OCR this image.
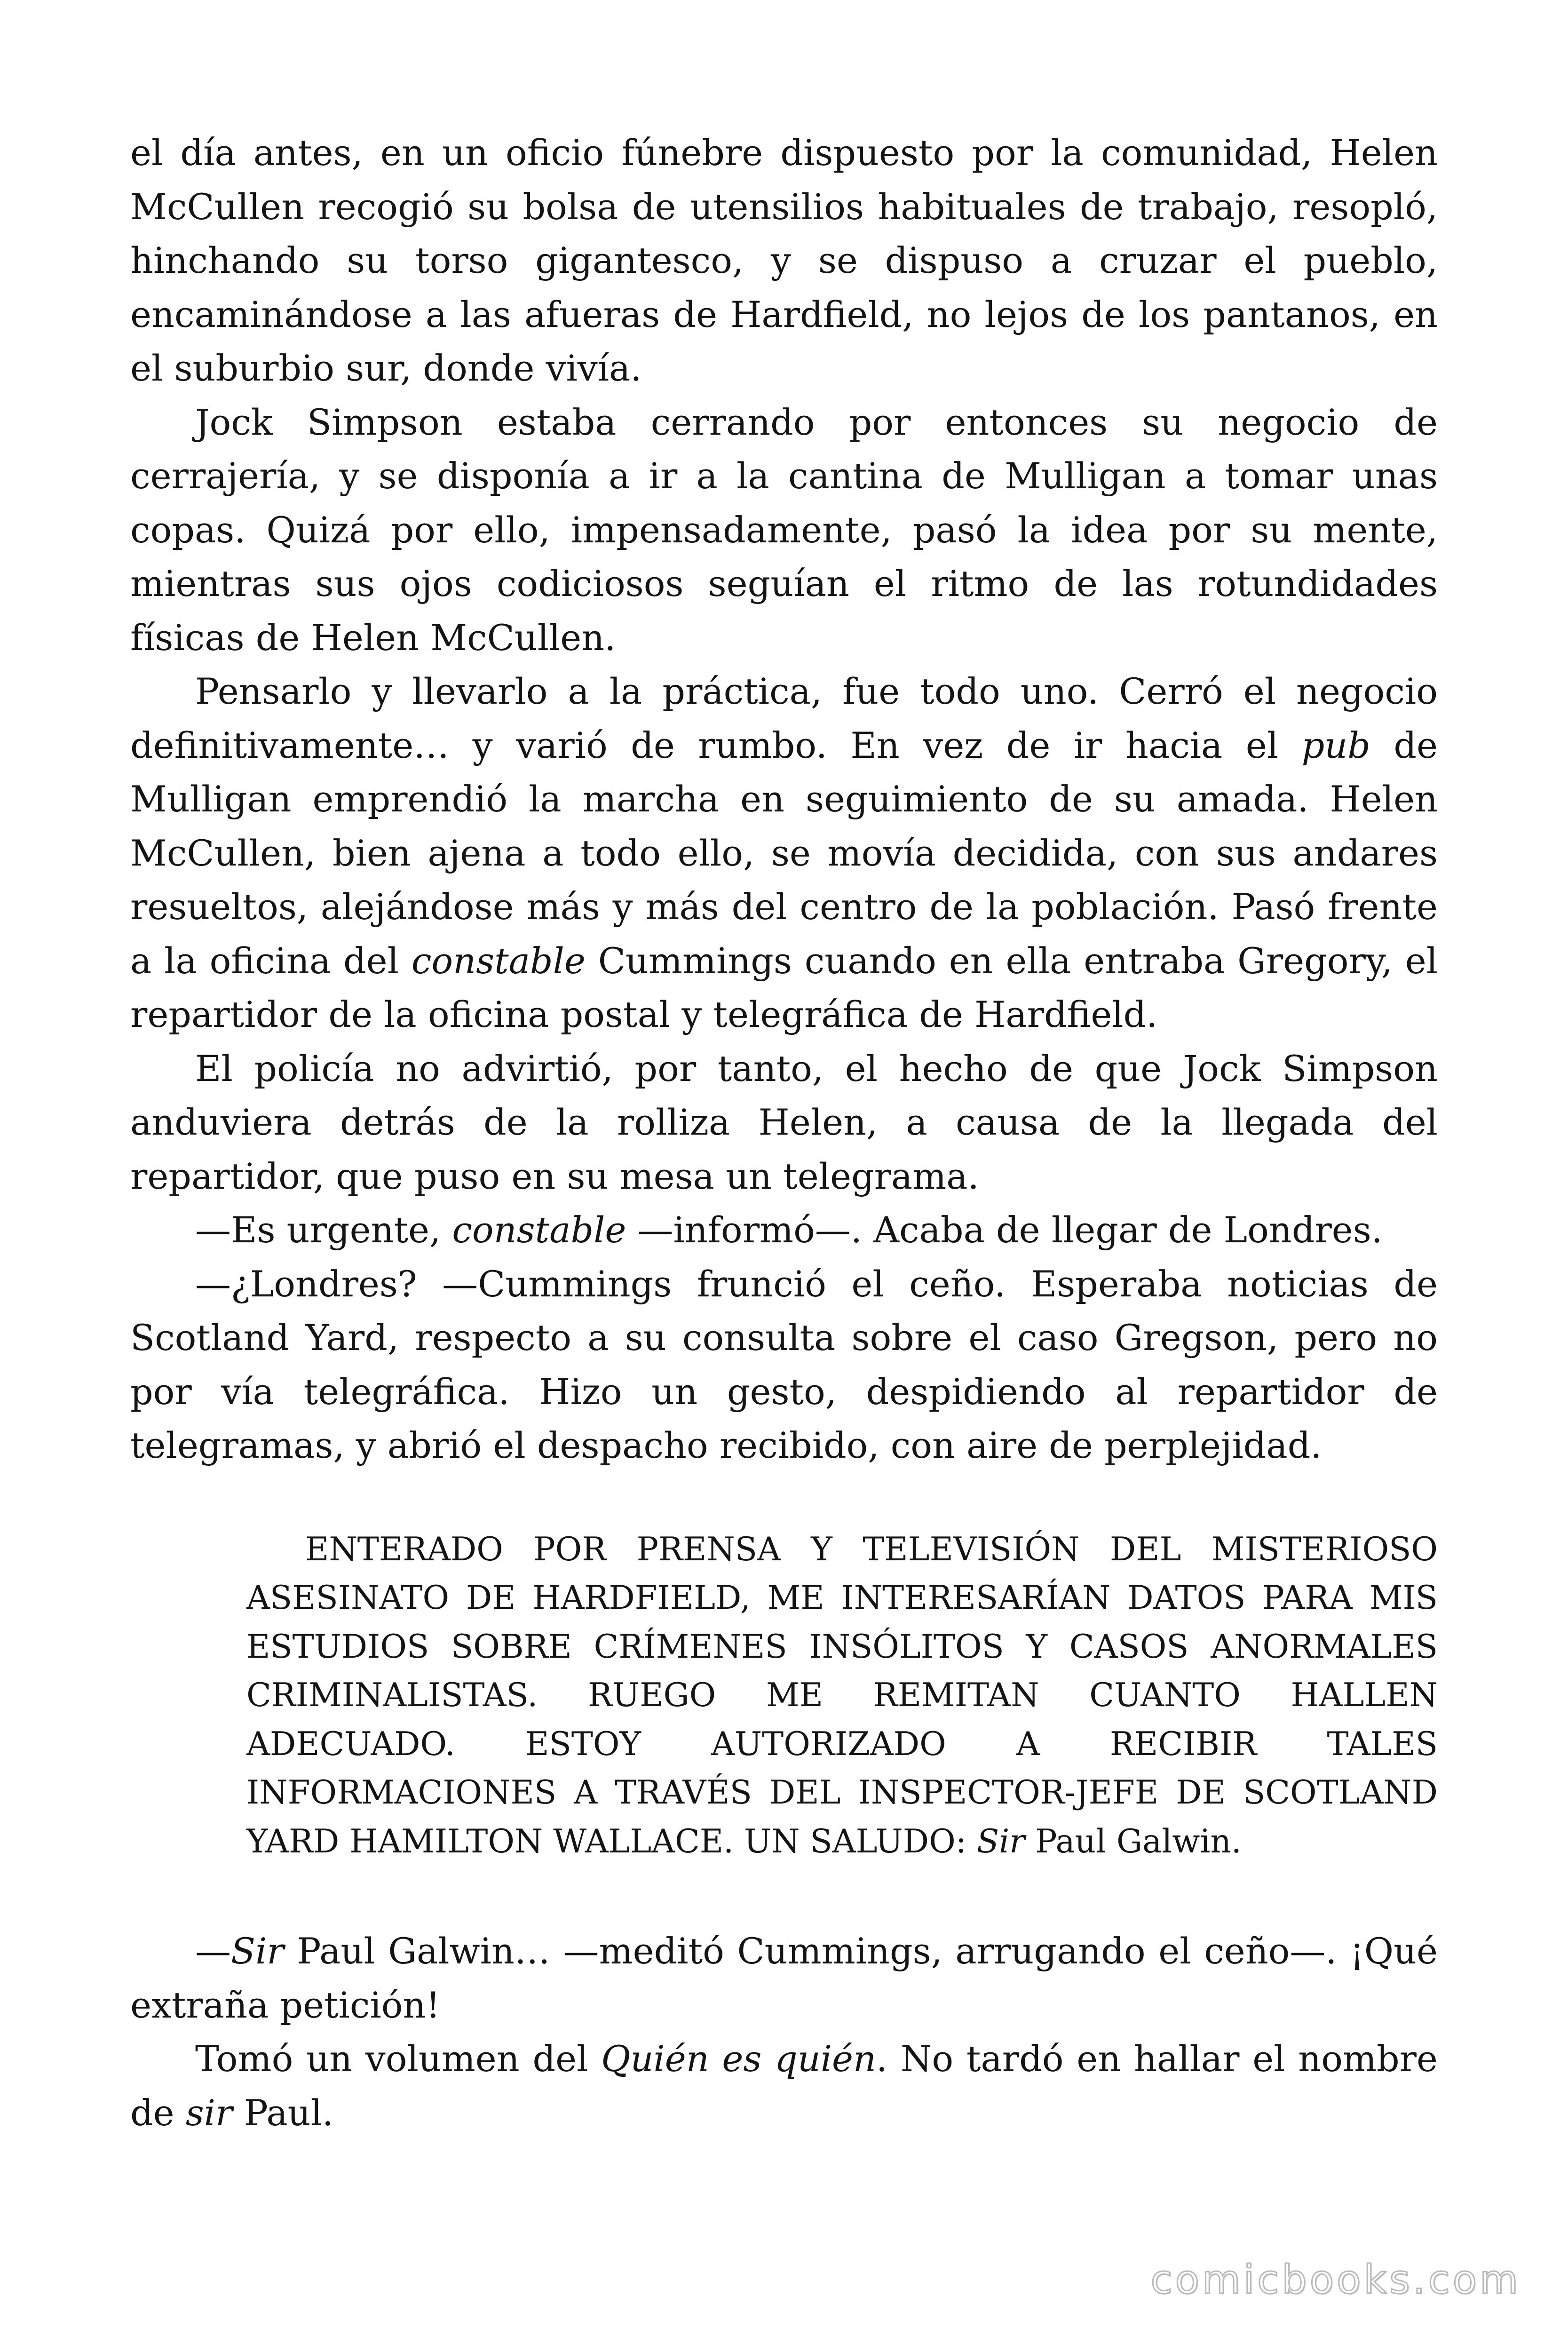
el día antes, en un oficio fúnebre dispuesto por la comunidad, Helen McCullen recogió su bolsa de utensilios habituales de trabajo, resopló, hinchando su torso gigantesco, y se dispuso a cruzar el pueblo, encaminándose a las afueras de Hardfield, no lejos de los pantanos, en el suburbio sur, donde vivía.

Jock Simpson estaba cerrando por entonces su negocio de cerrajería, y se disponía a ir a la cantina de Mulligan a tomar unas copas. Quizá por ello, impensadamente, pasó la idea por su mente, mientras sus ojos codiciosos seguían el ritmo de las rotundidades físicas de Helen McCullen.

Pensarlo y llevarlo a la práctica, fue todo uno. Cerró el negocio definitivamente… y varió de rumbo. En vez de ir hacia el pub de Mulligan emprendió la marcha en seguimiento de su amada. Helen McCullen, bien ajena a todo ello, se movía decidida, con sus andares resueltos, alejándose más y más del centro de la población. Pasó frente a la oficina del constable Cummings cuando en ella entraba Gregory, el repartidor de la oficina postal y telegráfica de Hardfield.

El policía no advirtió, por tanto, el hecho de que Jock Simpson anduviera detrás de la rolliza Helen, a causa de la llegada del repartidor, que puso en su mesa un telegrama.

—Es urgente, constable —informó—. Acaba de llegar de Londres.

—¿Londres? —Cummings frunció el ceño. Esperaba noticias de Scotland Yard, respecto a su consulta sobre el caso Gregson, pero no por vía telegráfica. Hizo un gesto, despidiendo al repartidor de telegramas, y abrió el despacho recibido, con aire de perplejidad.

ENTERADO POR PRENSA Y TELEVISIÓN DEL MISTERIOSO ASESINATO DE HARDFIELD, ME INTERESARÍAN DATOS PARA MIS ESTUDIOS SOBRE CRÍMENES INSÓLITOS Y CASOS ANORMALES CRIMINALISTAS. RUEGO ME REMITAN CUANTO HALLEN ADECUADO. ESTOY AUTORIZADO A RECIBIR TALES INFORMACIONES A TRAVÉS DEL INSPECTOR-JEFE DE SCOTLAND YARD HAMILTON WALLACE. UN SALUDO: Sir Paul Galwin.

—Sir Paul Galwin… —meditó Cummings, arrugando el ceño—. ¡Qué extraña petición!

Tomó un volumen del Quién es quién. No tardó en hallar el nombre de sir Paul.

comicbooks.com
